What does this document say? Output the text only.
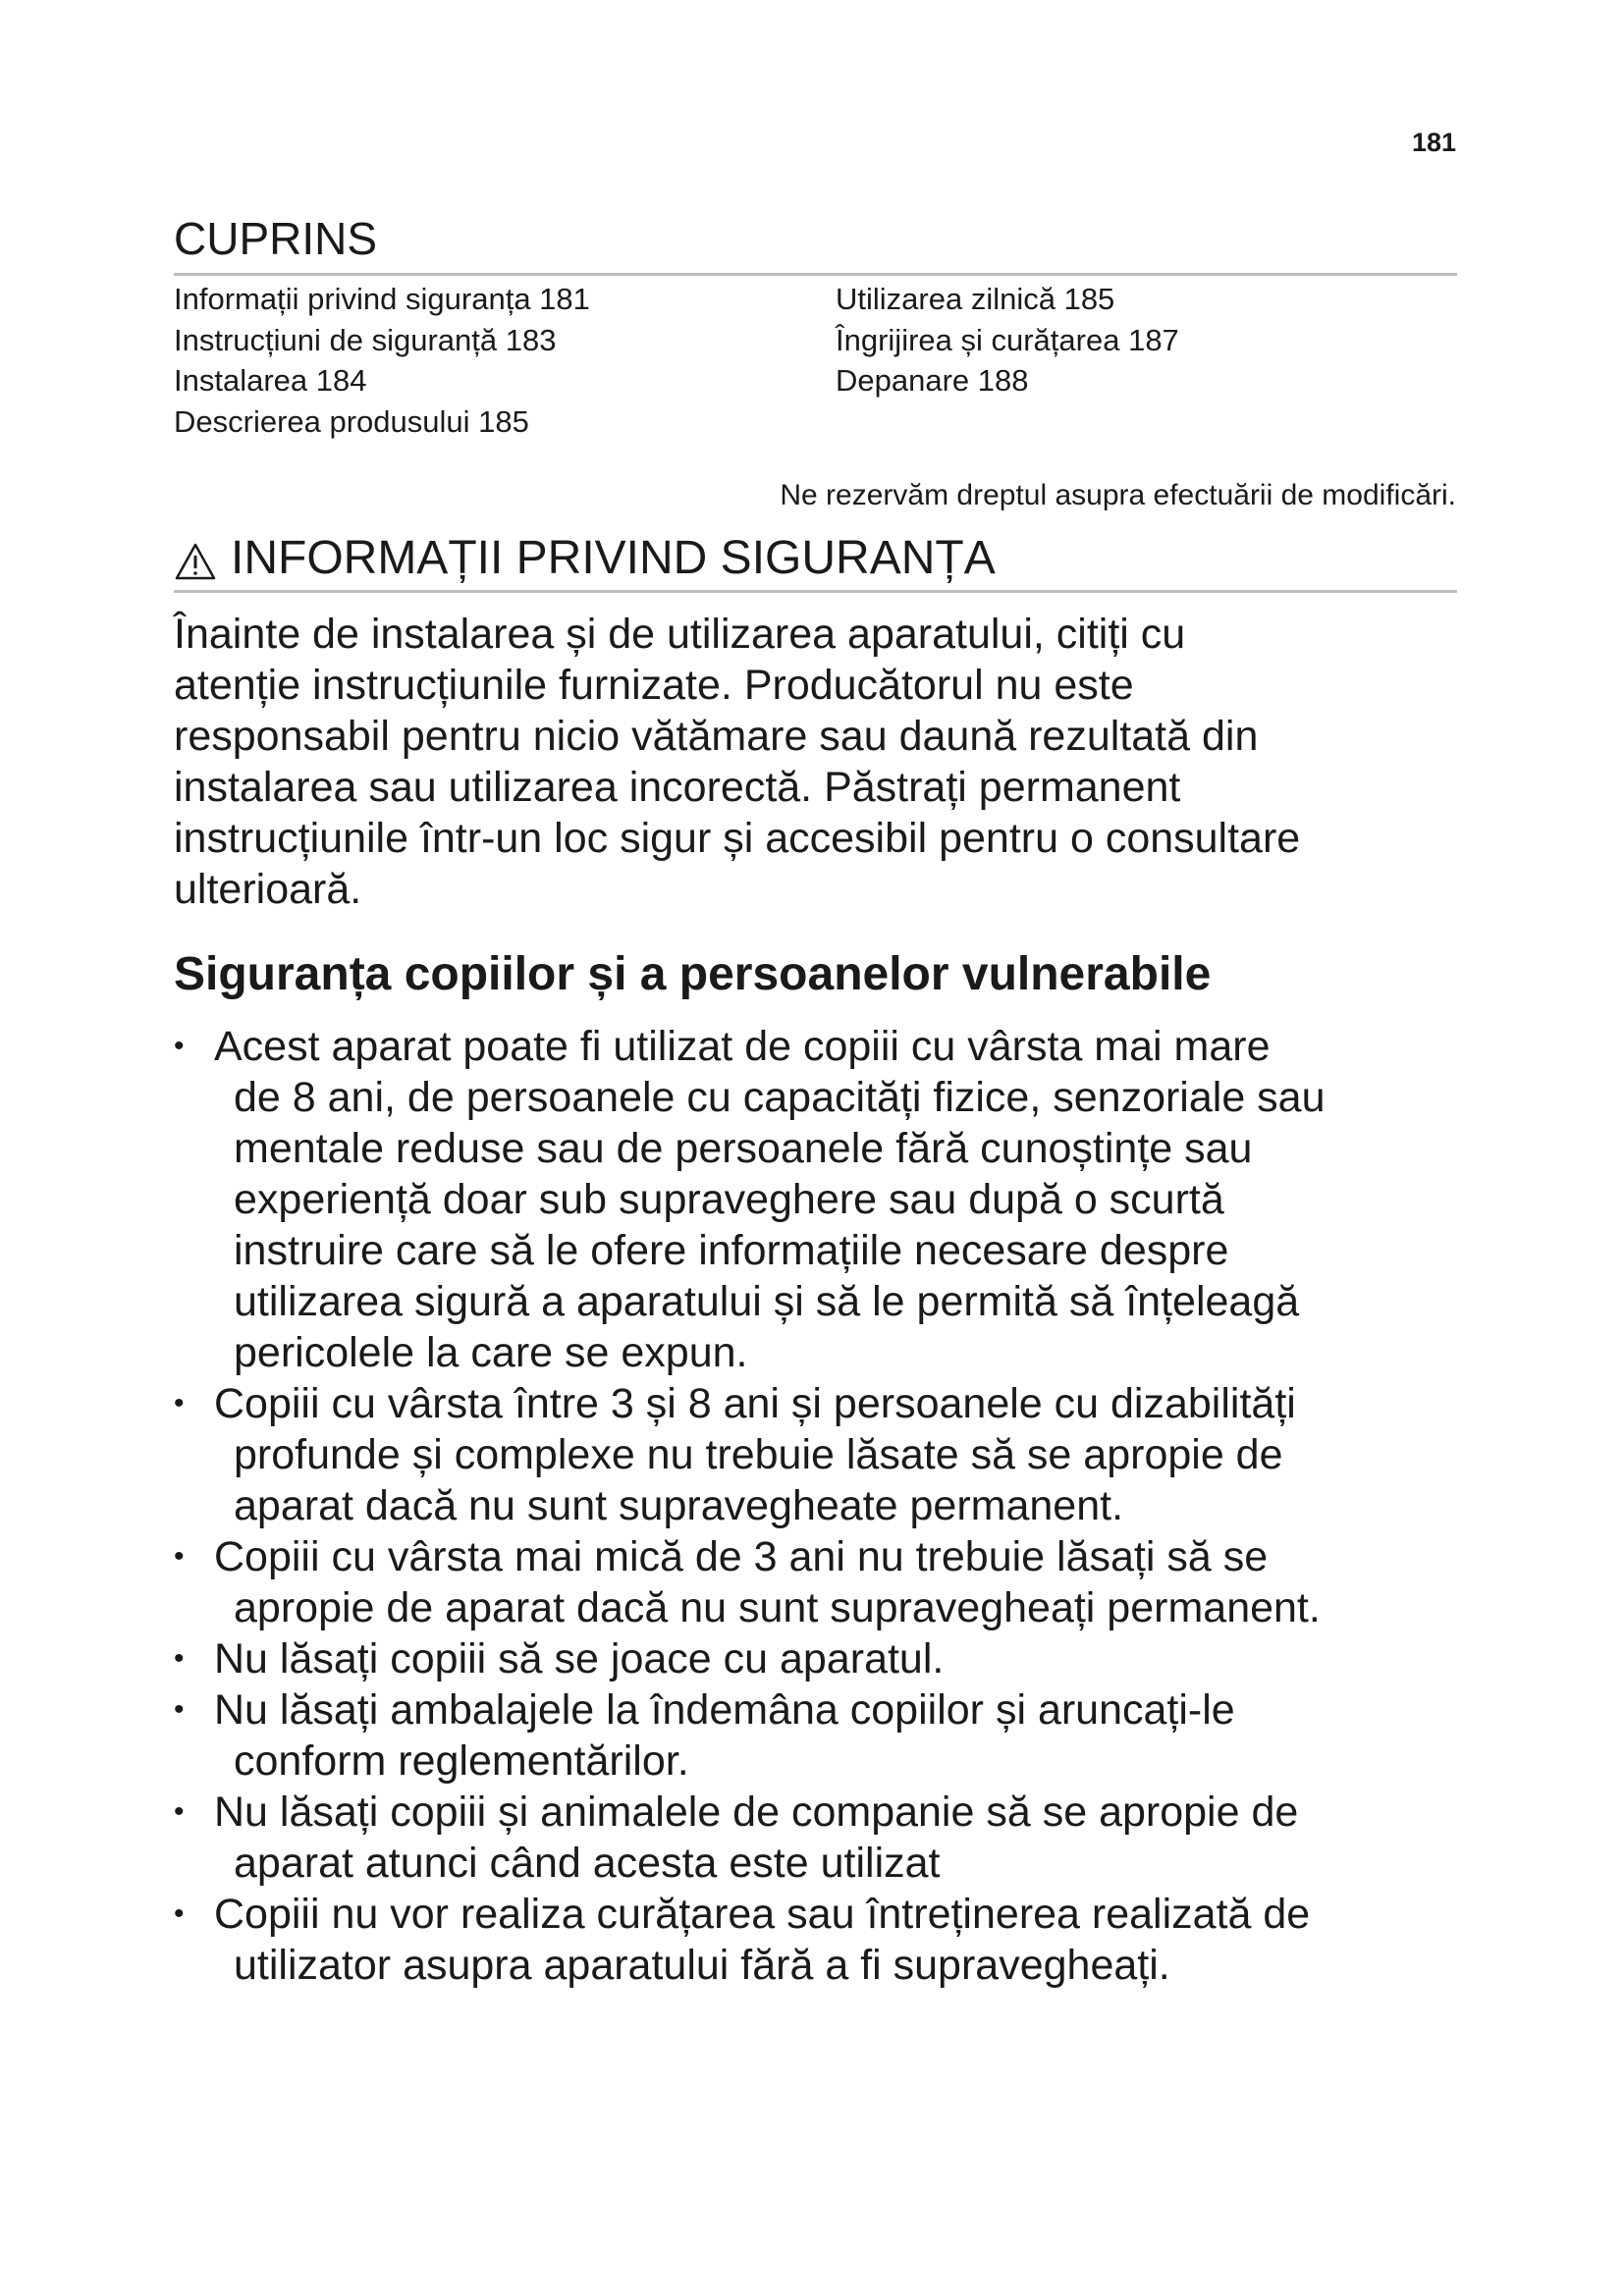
181
CUPRINS
Informații privind siguranța 181
Instrucțiuni de siguranță 183
Instalarea 184
Descrierea produsului 185
Utilizarea zilnică 185
Îngrijirea și curățarea 187
Depanare 188
Ne rezervăm dreptul asupra efectuării de modificări.
INFORMAȚII PRIVIND SIGURANȚA

Înainte de instalarea și de utilizarea aparatului, citiți cu
atenție instrucțiunile furnizate. Producătorul nu este
responsabil pentru nicio vătămare sau daună rezultată din
instalarea sau utilizarea incorectă. Păstrați permanent
instrucțiunile într-un loc sigur și accesibil pentru o consultare
ulterioară.

Siguranța copiilor și a persoanelor vulnerabile
• Acest aparat poate fi utilizat de copiii cu vârsta mai mare
de 8 ani, de persoanele cu capacități fizice, senzoriale sau
mentale reduse sau de persoanele fără cunoștințe sau
experiență doar sub supraveghere sau după o scurtă
instruire care să le ofere informațiile necesare despre
utilizarea sigură a aparatului și să le permită să înțeleagă
pericolele la care se expun.
• Copiii cu vârsta între 3 și 8 ani și persoanele cu dizabilități
profunde și complexe nu trebuie lăsate să se apropie de
aparat dacă nu sunt supravegheate permanent.
• Copiii cu vârsta mai mică de 3 ani nu trebuie lăsați să se
apropie de aparat dacă nu sunt supravegheați permanent.
• Nu lăsați copiii să se joace cu aparatul.
• Nu lăsați ambalajele la îndemâna copiilor și aruncați-le
conform reglementărilor.
• Nu lăsați copiii și animalele de companie să se apropie de
aparat atunci când acesta este utilizat
• Copiii nu vor realiza curățarea sau întreținerea realizată de
utilizator asupra aparatului fără a fi supravegheați.
